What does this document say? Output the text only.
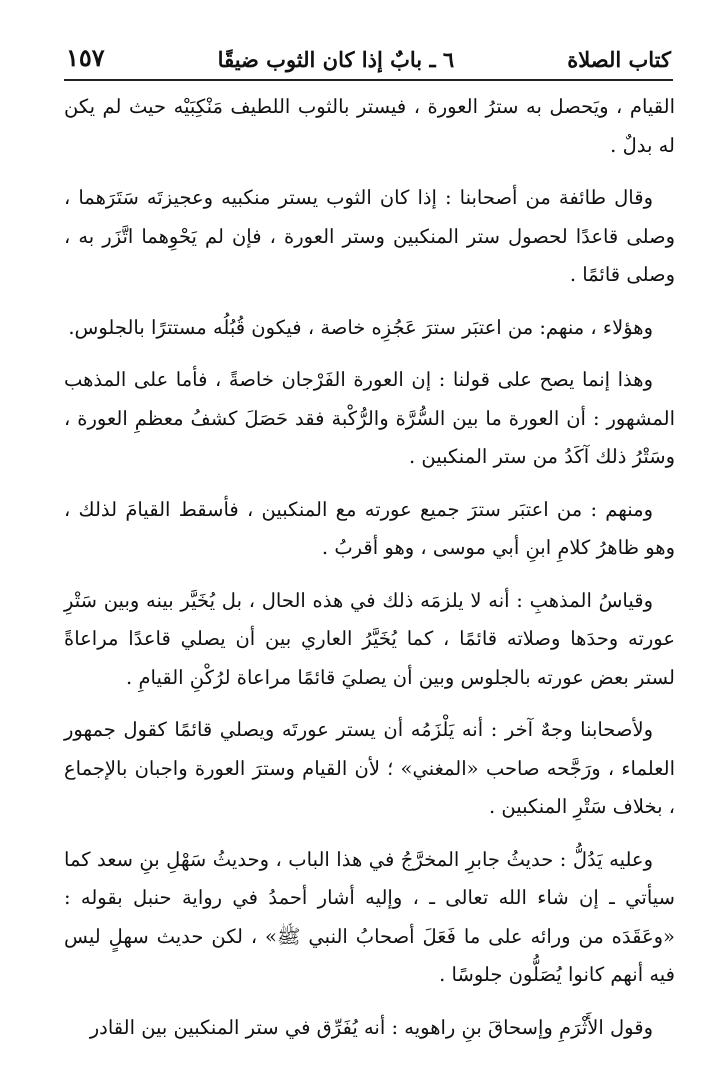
كتاب الصلاة
٦ ـ بابٌ إذا كان الثوب ضيقًا
١٥٧

القيام ، ويَحصل به سترُ العورة ، فيستر بالثوب اللطيف مَنْكِبَيْه حيث لم يكن له بدلٌ .

وقال طائفة من أصحابنا : إذا كان الثوب يستر منكبيه وعجيزتَه سَتَرَهما ، وصلى قاعدًا لحصول ستر المنكبين وستر العورة ، فإن لم يَحْوِهما اتَّزَر به ، وصلى قائمًا .

وهؤلاء ، منهم: من اعتبَر سترَ عَجُزِه خاصة ، فيكون قُبُلُه مستترًا بالجلوس.

وهذا إنما يصح على قولنا : إن العورة الفَرْجان خاصةً ، فأما على المذهب المشهور : أن العورة ما بين السُّرَّة والرُّكْبة فقد حَصَلَ كشفُ معظمِ العورة ، وسَتْرُ ذلك آكَدُ من ستر المنكبين .

ومنهم : من اعتبَر سترَ جميع عورته مع المنكبين ، فأسقط القيامَ لذلك ، وهو ظاهرُ كلامِ ابنِ أبي موسى ، وهو أقربُ .

وقياسُ المذهبِ : أنه لا يلزمَه ذلك في هذه الحال ، بل يُخَيَّر بينه وبين سَتْرِ عورته وحدَها وصلاته قائمًا ، كما يُخَيَّرُ العاري بين أن يصلي قاعدًا مراعاةً لستر بعض عورته بالجلوس وبين أن يصليَ قائمًا مراعاة لرُكْنِ القيامِ .

ولأصحابنا وجهٌ آخر : أنه يَلْزَمُه أن يستر عورتَه ويصلي قائمًا كقول جمهور العلماء ، ورَجَّحه صاحب «المغني» ؛ لأن القيام وسترَ العورة واجبان بالإجماع ، بخلاف سَتْرِ المنكبين .

وعليه يَدُلُّ : حديثُ جابرِ المخرَّجُ في هذا الباب ، وحديثُ سَهْلِ بنِ سعد كما سيأتي ـ إن شاء الله تعالى ـ ، وإليه أشار أحمدُ في رواية حنبل بقوله : «وعَقَدَه من ورائه على ما فَعَلَ أصحابُ النبي ﷺ» ، لكن حديث سهلٍ ليس فيه أنهم كانوا يُصَلُّون جلوسًا .

وقول الأَثْرَمِ وإسحاقَ بنِ راهويه : أنه يُفَرِّق في ستر المنكبين بين القادر
